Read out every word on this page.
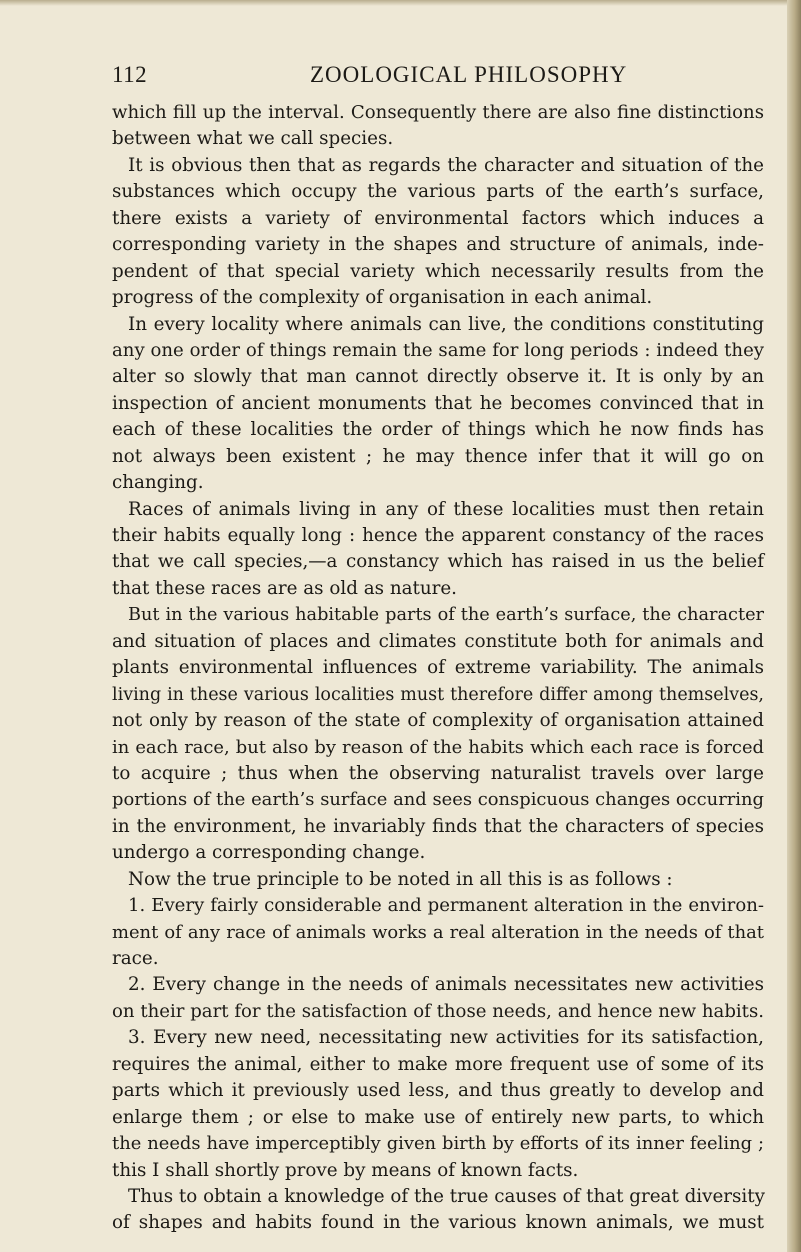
112	ZOOLOGICAL PHILOSOPHY
which fill up the interval. Consequently there are also fine distinctions
between what we call species.
It is obvious then that as regards the character and situation of the
substances which occupy the various parts of the earth’s surface,
there exists a variety of environmental factors which induces a
corresponding variety in the shapes and structure of animals, inde-
pendent of that special variety which necessarily results from the
progress of the complexity of organisation in each animal.
In every locality where animals can live, the conditions constituting
any one order of things remain the same for long periods : indeed they
alter so slowly that man cannot directly observe it. It is only by an
inspection of ancient monuments that he becomes convinced that in
each of these localities the order of things which he now finds has
not always been existent ; he may thence infer that it will go on
changing.
Races of animals living in any of these localities must then retain
their habits equally long : hence the apparent constancy of the races
that we call species,—a constancy which has raised in us the belief
that these races are as old as nature.
But in the various habitable parts of the earth’s surface, the character
and situation of places and climates constitute both for animals and
plants environmental influences of extreme variability. The animals
living in these various localities must therefore differ among themselves,
not only by reason of the state of complexity of organisation attained
in each race, but also by reason of the habits which each race is forced
to acquire ; thus when the observing naturalist travels over large
portions of the earth’s surface and sees conspicuous changes occurring
in the environment, he invariably finds that the characters of species
undergo a corresponding change.
Now the true principle to be noted in all this is as follows :
1. Every fairly considerable and permanent alteration in the environ-
ment of any race of animals works a real alteration in the needs of that
race.
2. Every change in the needs of animals necessitates new activities
on their part for the satisfaction of those needs, and hence new habits.
3. Every new need, necessitating new activities for its satisfaction,
requires the animal, either to make more frequent use of some of its
parts which it previously used less, and thus greatly to develop and
enlarge them ; or else to make use of entirely new parts, to which
the needs have imperceptibly given birth by efforts of its inner feeling ;
this I shall shortly prove by means of known facts.
Thus to obtain a knowledge of the true causes of that great diversity
of shapes and habits found in the various known animals, we must
